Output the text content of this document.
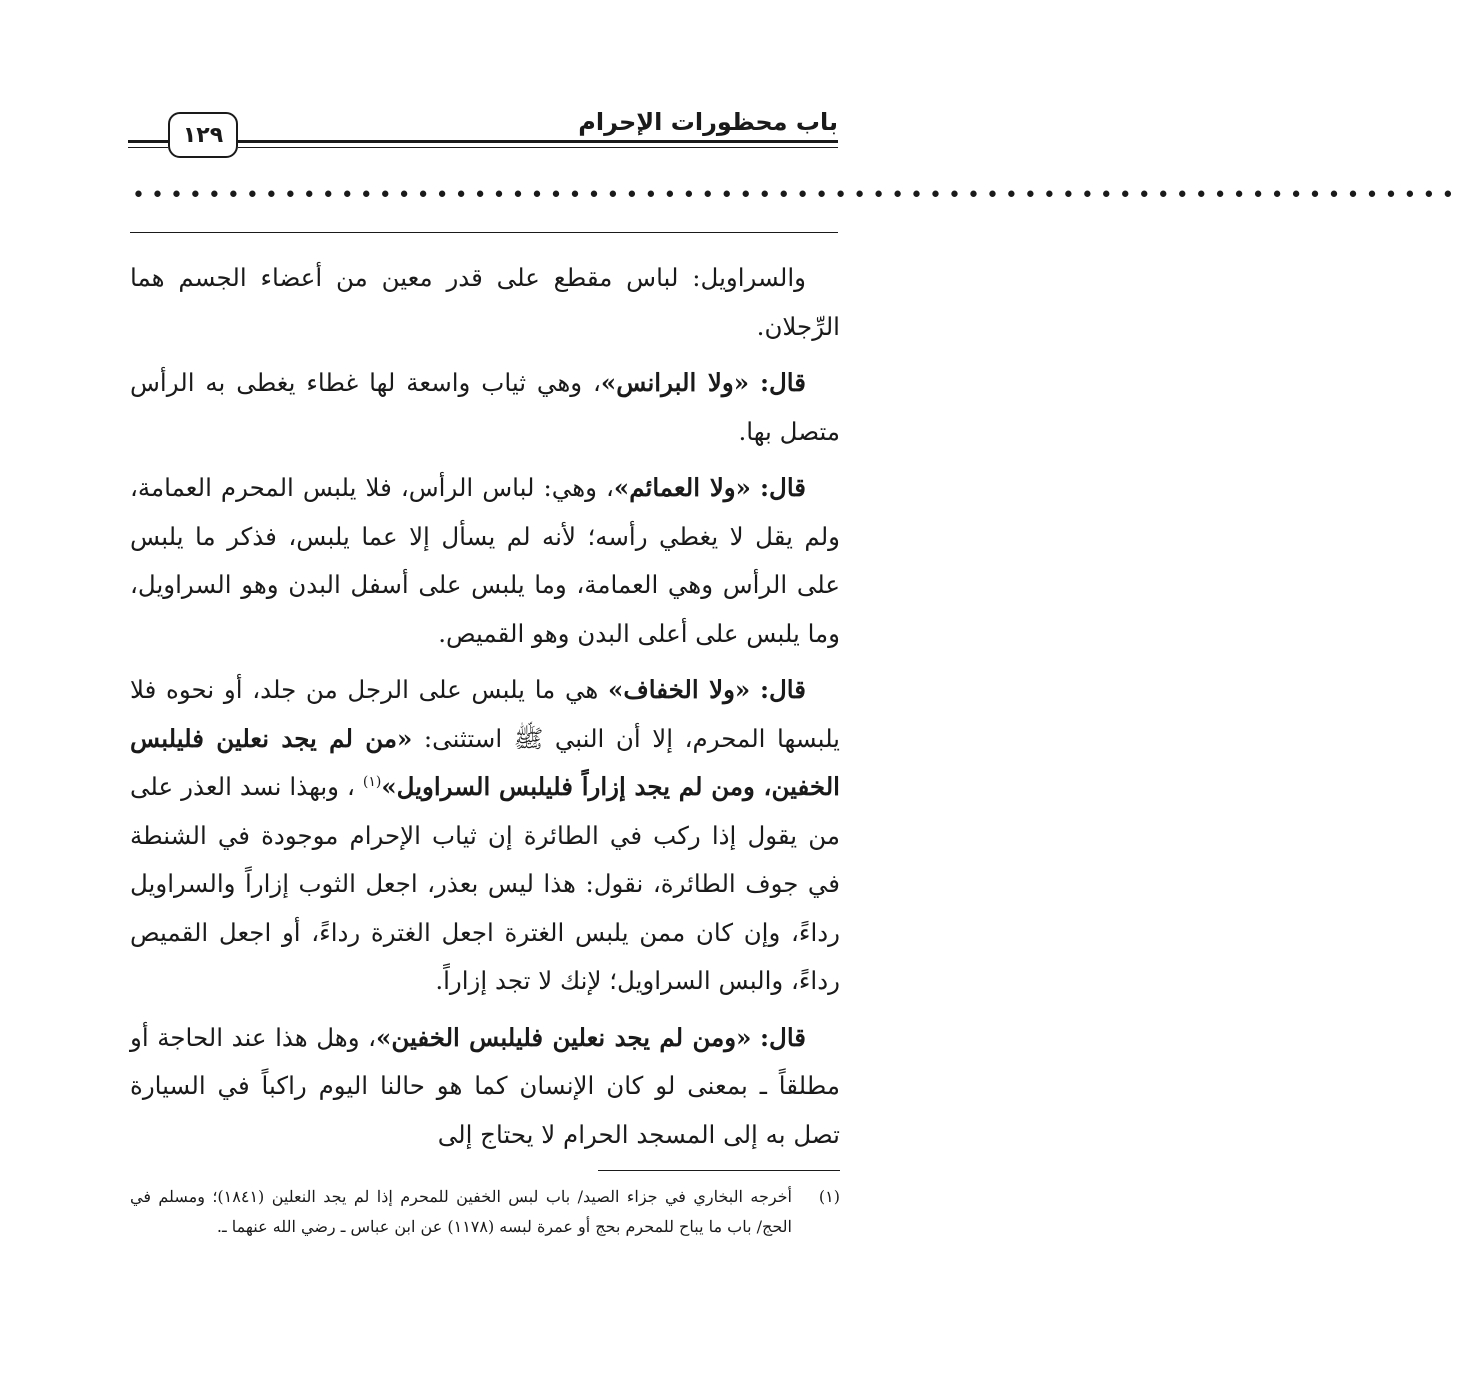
باب محظورات الإحرام
١٢٩
••••••••••••••••••••••••••••••••••••••••••••••••••••••••••••••••••••••

والسراويل: لباس مقطع على قدر معين من أعضاء الجسم هما الرِّجلان.

قال: «ولا البرانس»، وهي ثياب واسعة لها غطاء يغطى به الرأس متصل بها.

قال: «ولا العمائم»، وهي: لباس الرأس، فلا يلبس المحرم العمامة، ولم يقل لا يغطي رأسه؛ لأنه لم يسأل إلا عما يلبس، فذكر ما يلبس على الرأس وهي العمامة، وما يلبس على أسفل البدن وهو السراويل، وما يلبس على أعلى البدن وهو القميص.

قال: «ولا الخفاف» هي ما يلبس على الرجل من جلد، أو نحوه فلا يلبسها المحرم، إلا أن النبي ﷺ استثنى: «من لم يجد نعلين فليلبس الخفين، ومن لم يجد إزاراً فليلبس السراويل»$^{(١)}$ ، وبهذا نسد العذر على من يقول إذا ركب في الطائرة إن ثياب الإحرام موجودة في الشنطة في جوف الطائرة، نقول: هذا ليس بعذر، اجعل الثوب إزاراً والسراويل رداءً، وإن كان ممن يلبس الغترة اجعل الغترة رداءً، أو اجعل القميص رداءً، والبس السراويل؛ لإنك لا تجد إزاراً.

قال: «ومن لم يجد نعلين فليلبس الخفين»، وهل هذا عند الحاجة أو مطلقاً ـ بمعنى لو كان الإنسان كما هو حالنا اليوم راكباً في السيارة تصل به إلى المسجد الحرام لا يحتاج إلى

(١)
أخرجه البخاري في جزاء الصيد/ باب لبس الخفين للمحرم إذا لم يجد النعلين (١٨٤١)؛ ومسلم في الحج/ باب ما يباح للمحرم بحج أو عمرة لبسه (١١٧٨) عن ابن عباس ـ رضي الله عنهما ـ.
